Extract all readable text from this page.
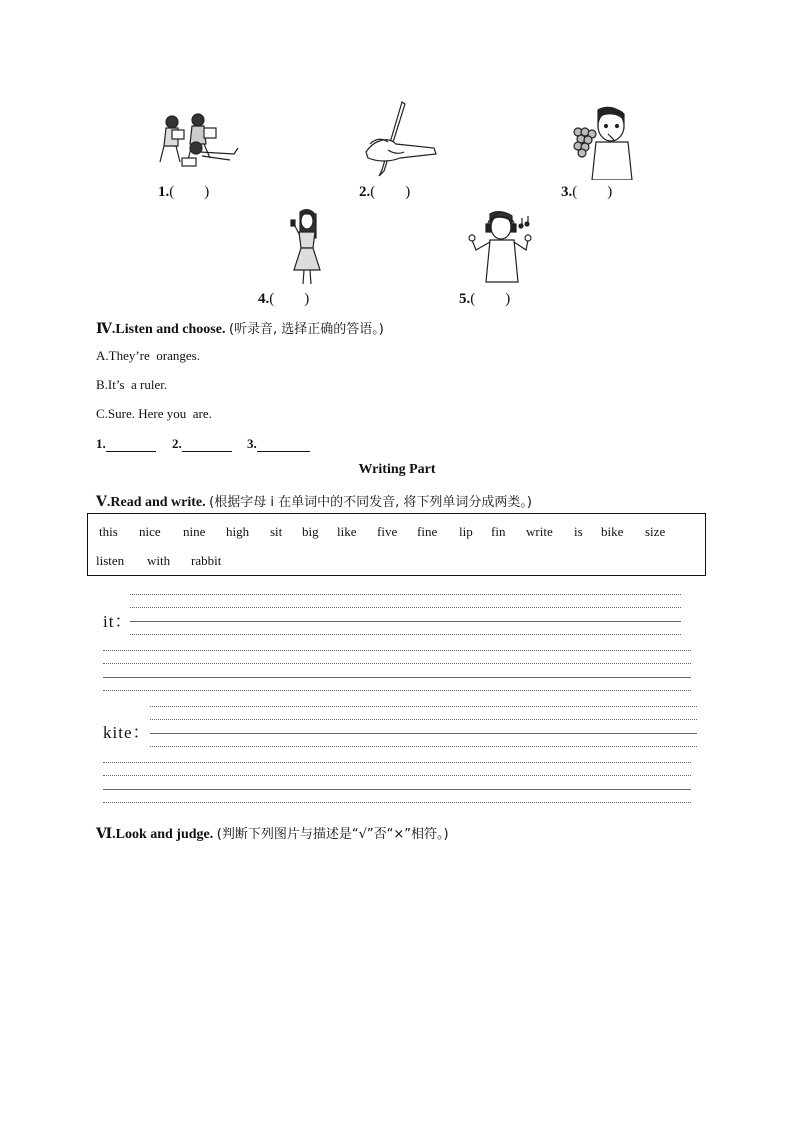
1.(        )	2.(        )	3.(        )
4.(        )	5.(        )
Ⅳ.Listen and choose. (听录音, 选择正确的答语。)
A.They’re  oranges.
B.It’s  a ruler.
C.Sure. Here you  are.
1.	2.	3.
Writing Part
Ⅴ.Read and write. (根据字母 i 在单词中的不同发音, 将下列单词分成两类。)
this nice nine high sit big like five fine lip fin write is bike size
listen with rabbit
it：
kite：
Ⅵ.Look and judge. (判断下列图片与描述是“√”否“×”相符。)
